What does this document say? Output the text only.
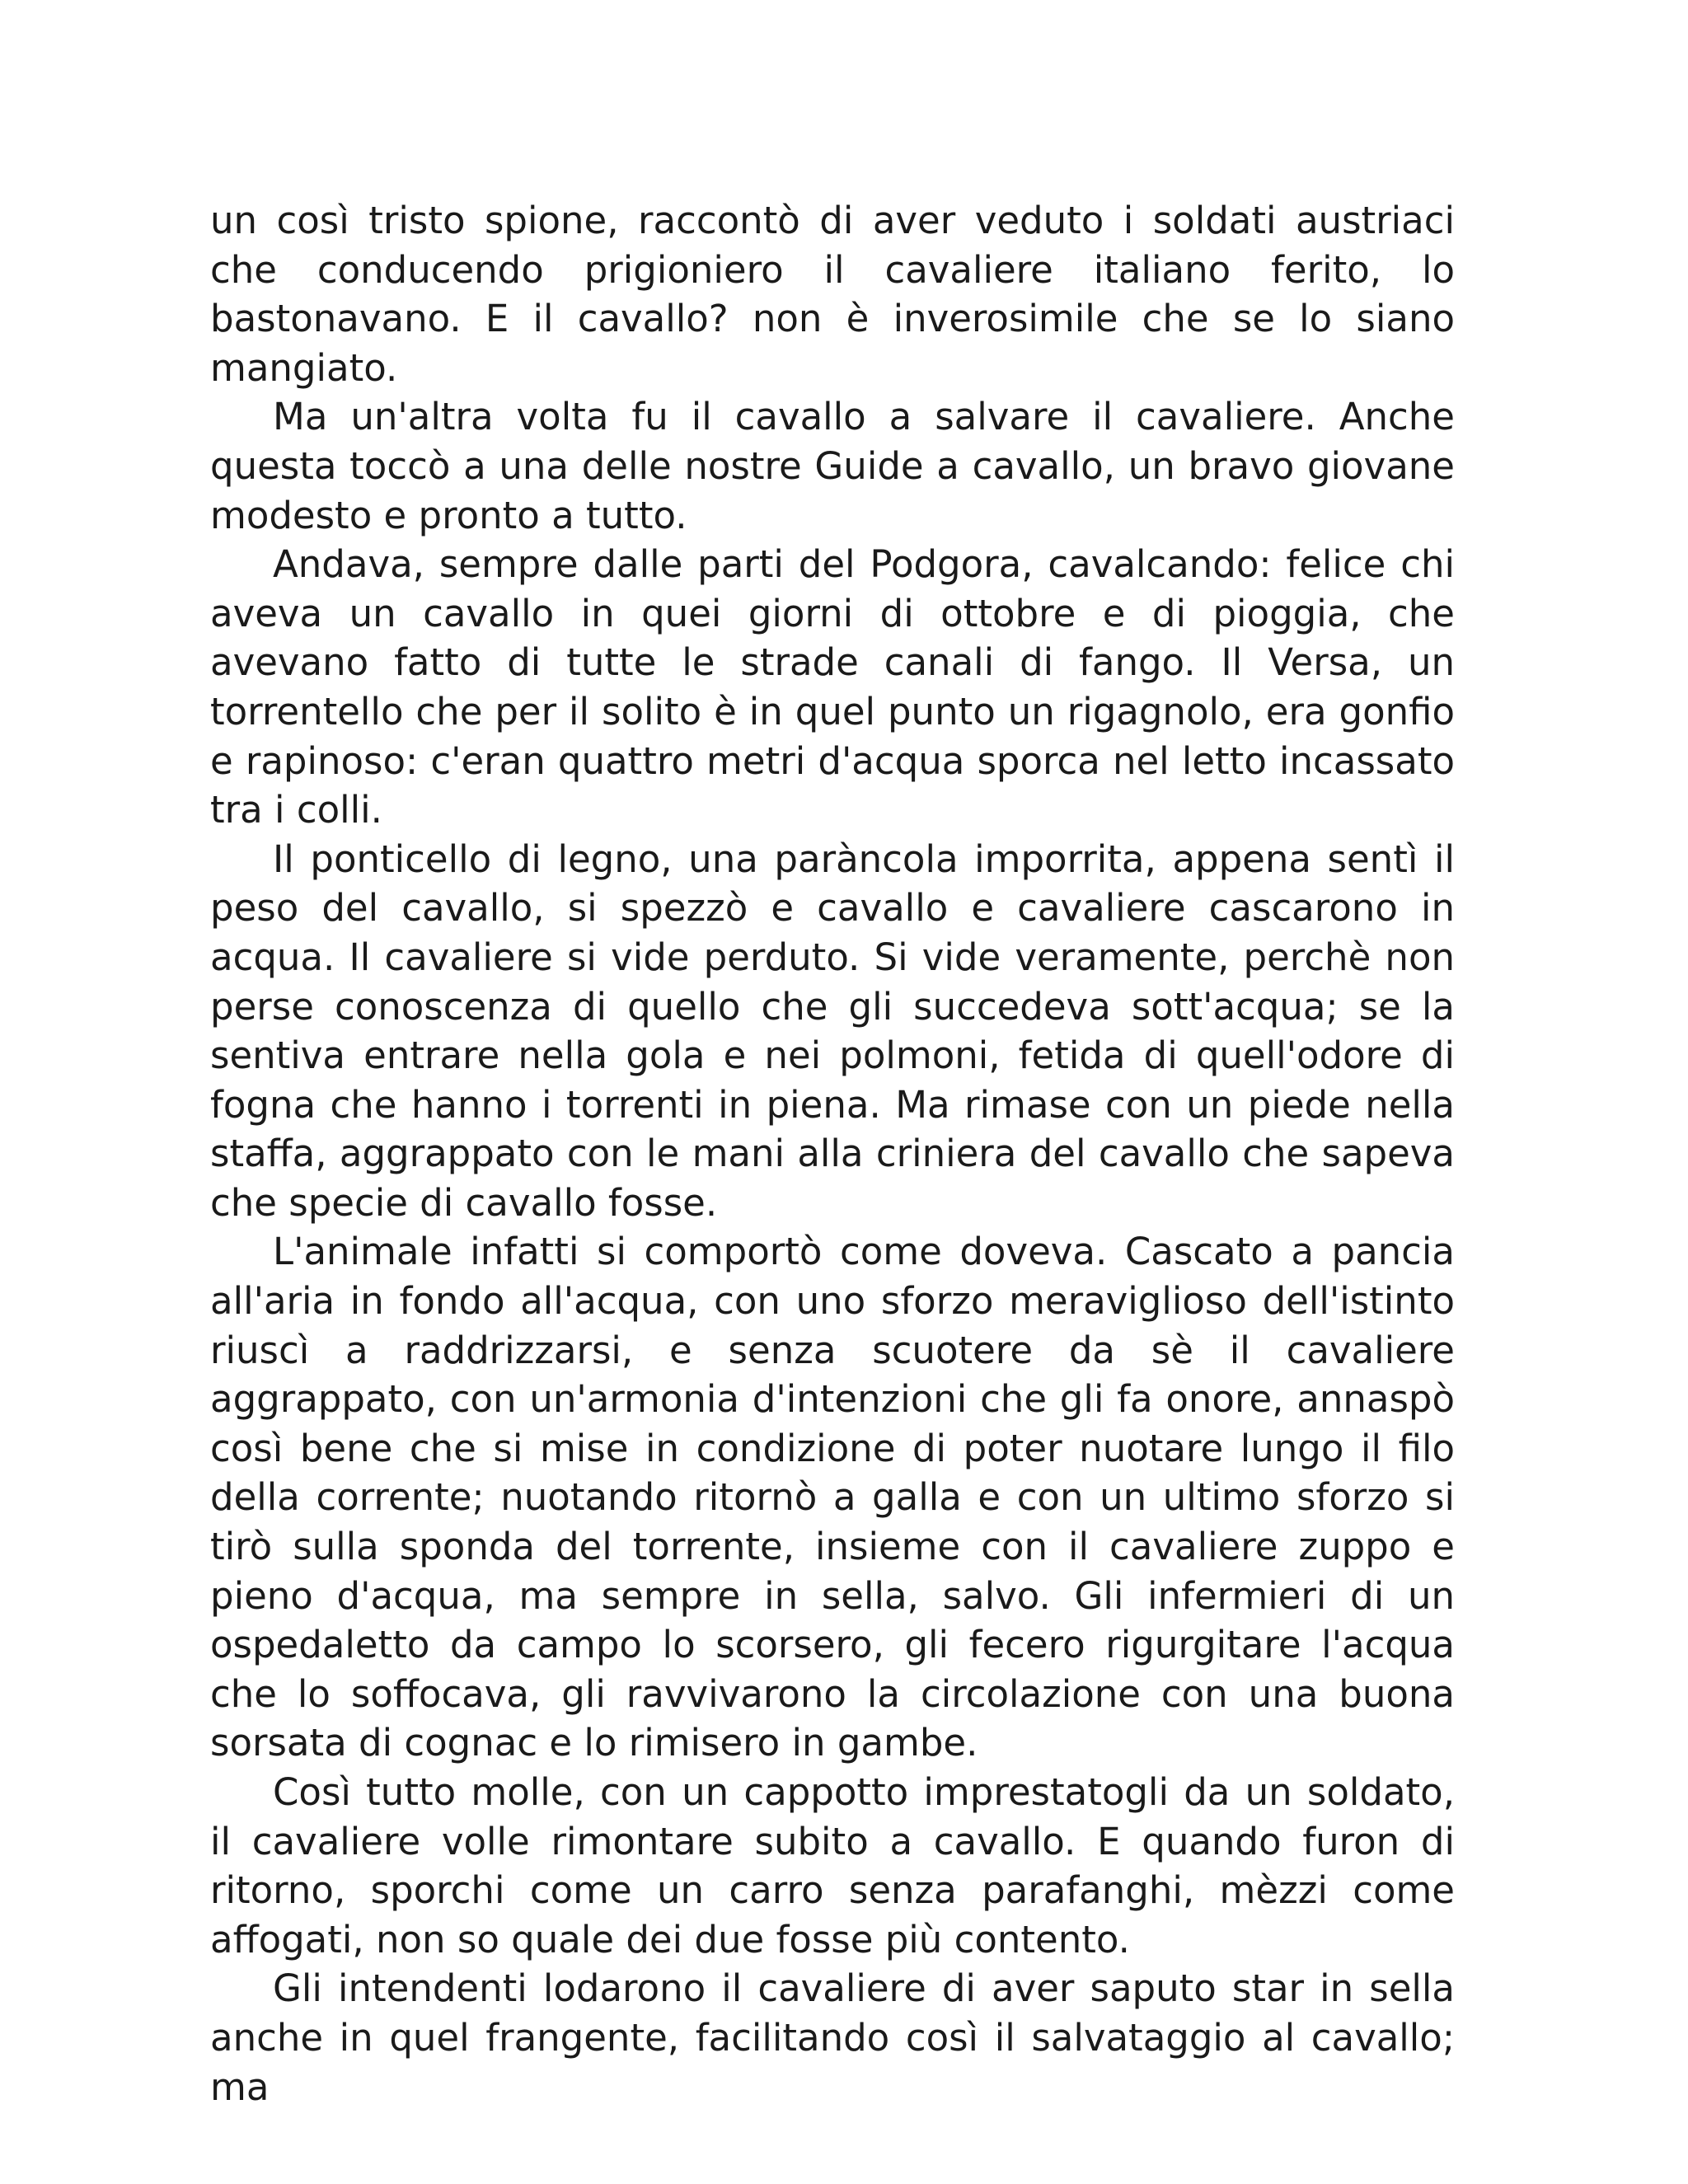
un così tristo spione, raccontò di aver veduto i soldati austriaci che conducendo prigioniero il cavaliere italiano ferito, lo bastonavano. E il cavallo? non è inverosimile che se lo siano mangiato.

Ma un'altra volta fu il cavallo a salvare il cavaliere. Anche questa toccò a una delle nostre Guide a cavallo, un bravo giovane modesto e pronto a tutto.

Andava, sempre dalle parti del Podgora, cavalcando: felice chi aveva un cavallo in quei giorni di ottobre e di pioggia, che avevano fatto di tutte le strade canali di fango. Il Versa, un torrentello che per il solito è in quel punto un rigagnolo, era gonfio e rapinoso: c'eran quattro metri d'acqua sporca nel letto incassato tra i colli.

Il ponticello di legno, una paràncola imporrita, appena sentì il peso del cavallo, si spezzò e cavallo e cavaliere cascarono in acqua. Il cavaliere si vide perduto. Si vide veramente, perchè non perse conoscenza di quello che gli succedeva sott'acqua; se la sentiva entrare nella gola e nei polmoni, fetida di quell'odore di fogna che hanno i torrenti in piena. Ma rimase con un piede nella staffa, aggrappato con le mani alla criniera del cavallo che sapeva che specie di cavallo fosse.

L'animale infatti si comportò come doveva. Cascato a pancia all'aria in fondo all'acqua, con uno sforzo meraviglioso dell'istinto riuscì a raddrizzarsi, e senza scuotere da sè il cavaliere aggrappato, con un'armonia d'intenzioni che gli fa onore, annaspò così bene che si mise in condizione di poter nuotare lungo il filo della corrente; nuotando ritornò a galla e con un ultimo sforzo si tirò sulla sponda del torrente, insieme con il cavaliere zuppo e pieno d'acqua, ma sempre in sella, salvo. Gli infermieri di un ospedaletto da campo lo scorsero, gli fecero rigurgitare l'acqua che lo soffocava, gli ravvivarono la circolazione con una buona sorsata di cognac e lo rimisero in gambe.

Così tutto molle, con un cappotto imprestatogli da un soldato, il cavaliere volle rimontare subito a cavallo. E quando furon di ritorno, sporchi come un carro senza parafanghi, mèzzi come affogati, non so quale dei due fosse più contento.

Gli intendenti lodarono il cavaliere di aver saputo star in sella anche in quel frangente, facilitando così il salvataggio al cavallo; ma
